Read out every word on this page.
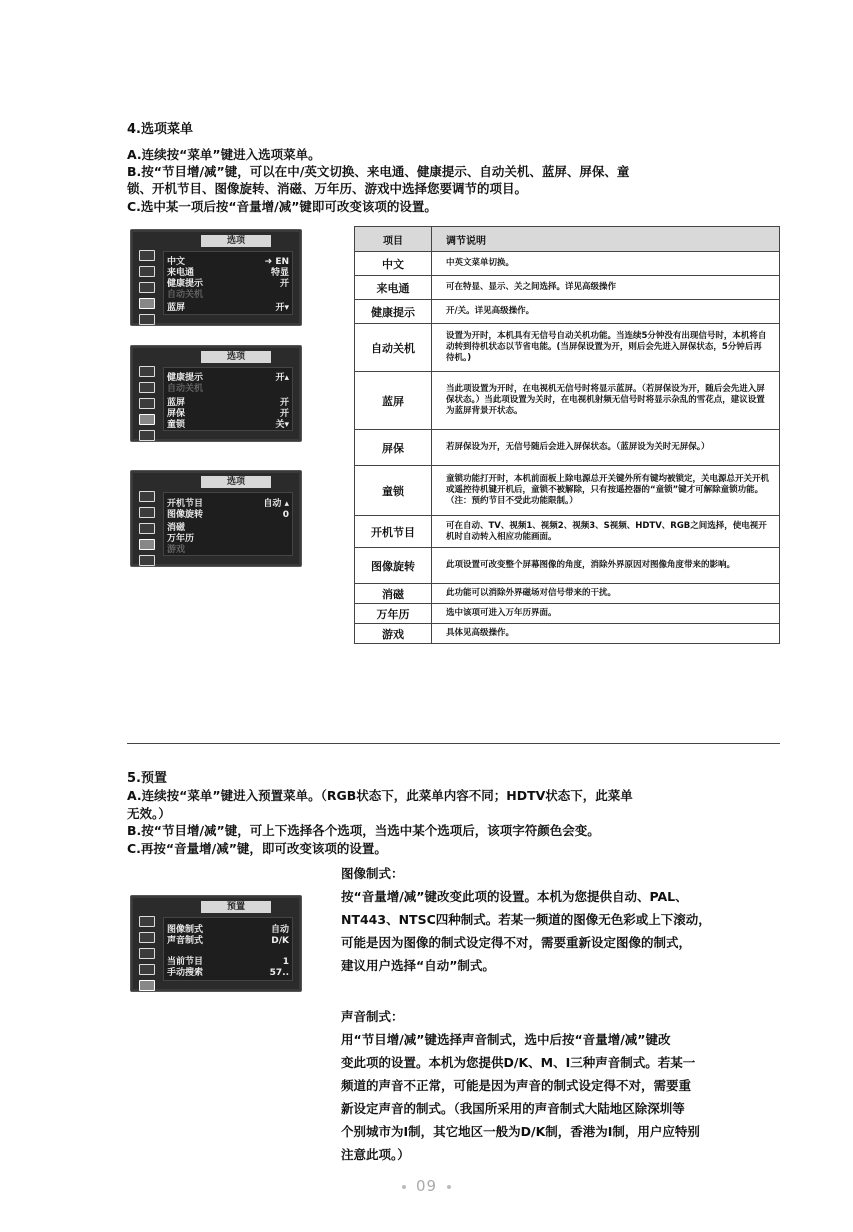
4.选项菜单
A.连续按“菜单”键进入选项菜单。
B.按“节目增/减”键，可以在中/英文切换、来电通、健康提示、自动关机、蓝屏、屏保、童
锁、开机节目、图像旋转、消磁、万年历、游戏中选择您要调节的项目。
C.选中某一项后按“音量增/减”键即可改变该项的设置。
选项
中文	➜ EN
来电通	特显
健康提示	开
自动关机
蓝屏	开▾
选项
健康提示	开▴
自动关机
蓝屏	开
屏保	开
童锁	关▾
选项
开机节目	自动 ▴
图像旋转	0
消磁
万年历
游戏
项目	调节说明
中文	中英文菜单切换。
来电通	可在特显、显示、关之间选择。详见高级操作
健康提示	开/关。详见高级操作。
自动关机	设置为开时，本机具有无信号自动关机功能。当连续5分钟没有出现信号时，本机将自动转到待机状态以节省电能。(当屏保设置为开，则后会先进入屏保状态，5分钟后再待机。)
蓝屏	当此项设置为开时，在电视机无信号时将显示蓝屏。（若屏保设为开，随后会先进入屏保状态。）当此项设置为关时，在电视机射频无信号时将显示杂乱的雪花点，建议设置为蓝屏背景开状态。
屏保	若屏保设为开，无信号随后会进入屏保状态。（蓝屏设为关时无屏保。）
童锁	童锁功能打开时，本机前面板上除电源总开关键外所有键均被锁定，关电源总开关开机或遥控待机键开机后，童锁不被解除，只有按遥控器的“童锁”键才可解除童锁功能。（注：预约节目不受此功能限制。）
开机节目	可在自动、TV、视频1、视频2、视频3、S视频、HDTV、RGB之间选择，使电视开机时自动转入相应功能画面。
图像旋转	此项设置可改变整个屏幕图像的角度，消除外界原因对图像角度带来的影响。
消磁	此功能可以消除外界磁场对信号带来的干扰。
万年历	选中该项可进入万年历界面。
游戏	具体见高级操作。
5.预置
A.连续按“菜单”键进入预置菜单。（RGB状态下，此菜单内容不同；HDTV状态下，此菜单
无效。）
B.按“节目增/减”键，可上下选择各个选项，当选中某个选项后，该项字符颜色会变。
C.再按“音量增/减”键，即可改变该项的设置。
预置
图像制式	自动
声音制式	D/K
当前节目	1
手动搜索	57..
图像制式：
按“音量增/减”键改变此项的设置。本机为您提供自动、PAL、
NT443、NTSC四种制式。若某一频道的图像无色彩或上下滚动，
可能是因为图像的制式设定得不对，需要重新设定图像的制式，
建议用户选择“自动”制式。
声音制式：
用“节目增/减”键选择声音制式，选中后按“音量增/减”键改
变此项的设置。本机为您提供D/K、M、I三种声音制式。若某一
频道的声音不正常，可能是因为声音的制式设定得不对，需要重
新设定声音的制式。（我国所采用的声音制式大陆地区除深圳等
个别城市为I制，其它地区一般为D/K制，香港为I制，用户应特别
注意此项。）
09
